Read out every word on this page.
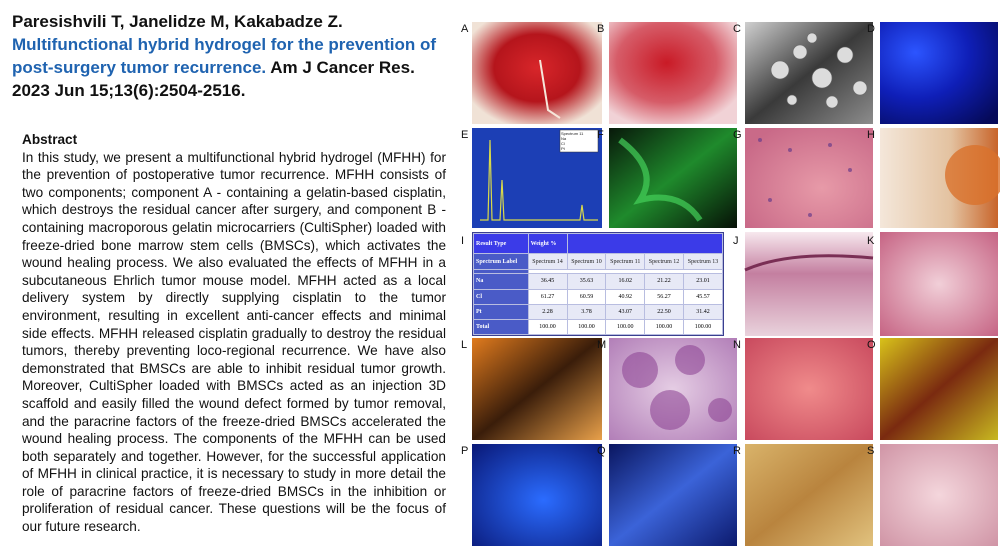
Paresishvili T, Janelidze M, Kakabadze Z.
Multifunctional hybrid hydrogel for the prevention of post-surgery tumor recurrence. Am J Cancer Res. 2023 Jun 15;13(6):2504-2516.
Abstract
In this study, we present a multifunctional hybrid hydrogel (MFHH) for the prevention of postoperative tumor recurrence. MFHH consists of two components; component A - containing a gelatin-based cisplatin, which destroys the residual cancer after surgery, and component B - containing macroporous gelatin microcarriers (CultiSpher) loaded with freeze-dried bone marrow stem cells (BMSCs), which activates the wound healing process. We also evaluated the effects of MFHH in a subcutaneous Ehrlich tumor mouse model. MFHH acted as a local delivery system by directly supplying cisplatin to the tumor environment, resulting in excellent anti-cancer effects and minimal side effects. MFHH released cisplatin gradually to destroy the residual tumors, thereby preventing loco-regional recurrence. We have also demonstrated that BMSCs are able to inhibit residual tumor growth. Moreover, CultiSpher loaded with BMSCs acted as an injection 3D scaffold and easily filled the wound defect formed by tumor removal, and the paracrine factors of the freeze-dried BMSCs accelerated the wound healing process. The components of the MFHH can be used both separately and together. However, for the successful application of MFHH in clinical practice, it is necessary to study in more detail the role of paracrine factors of freeze-dried BMSCs in the inhibition or proliferation of residual cancer. These questions will be the focus of our future research.
A	B	C	D
E	F	G	H
I	J	K
L	M	N	O
P	Q	R	S
Spectrum 11
Na
Cl
Pt
Result Type	Weight %				
Spectrum Label	Spectrum 14	Spectrum 10	Spectrum 11	Spectrum 12	Spectrum 13

Na	36.45	35.63	16.02	21.22	23.01
Cl	61.27	60.59	40.92	56.27	45.57
Pt	2.28	3.78	43.07	22.50	31.42
Total	100.00	100.00	100.00	100.00	100.00
